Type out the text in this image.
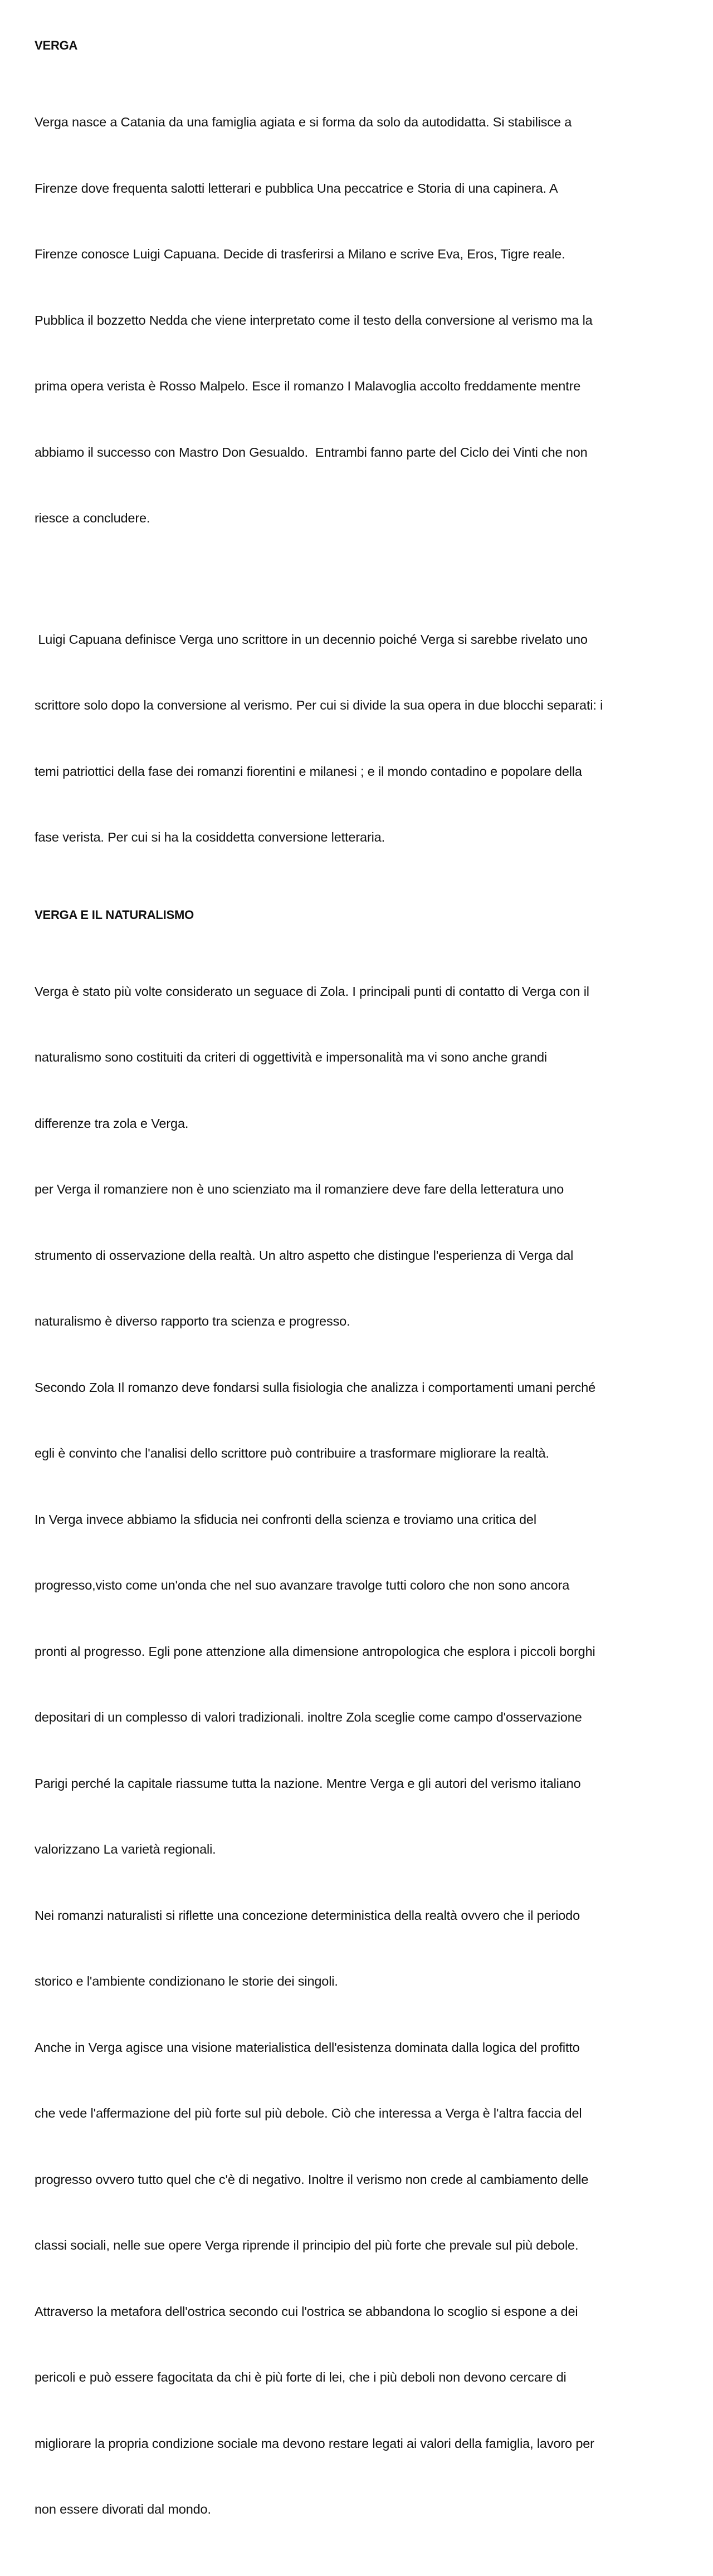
VERGA

Verga nasce a Catania da una famiglia agiata e si forma da solo da autodidatta. Si stabilisce a

Firenze dove frequenta salotti letterari e pubblica Una peccatrice e Storia di una capinera. A

Firenze conosce Luigi Capuana. Decide di trasferirsi a Milano e scrive Eva, Eros, Tigre reale.

Pubblica il bozzetto Nedda che viene interpretato come il testo della conversione al verismo ma la

prima opera verista è Rosso Malpelo. Esce il romanzo I Malavoglia accolto freddamente mentre

abbiamo il successo con Mastro Don Gesualdo.  Entrambi fanno parte del Ciclo dei Vinti che non

riesce a concludere.

Luigi Capuana definisce Verga uno scrittore in un decennio poiché Verga si sarebbe rivelato uno

scrittore solo dopo la conversione al verismo. Per cui si divide la sua opera in due blocchi separati: i

temi patriottici della fase dei romanzi fiorentini e milanesi ; e il mondo contadino e popolare della

fase verista. Per cui si ha la cosiddetta conversione letteraria.

VERGA E IL NATURALISMO

Verga è stato più volte considerato un seguace di Zola. I principali punti di contatto di Verga con il

naturalismo sono costituiti da criteri di oggettività e impersonalità ma vi sono anche grandi

differenze tra zola e Verga.

per Verga il romanziere non è uno scienziato ma il romanziere deve fare della letteratura uno

strumento di osservazione della realtà. Un altro aspetto che distingue l'esperienza di Verga dal

naturalismo è diverso rapporto tra scienza e progresso.

Secondo Zola Il romanzo deve fondarsi sulla fisiologia che analizza i comportamenti umani perché

egli è convinto che l'analisi dello scrittore può contribuire a trasformare migliorare la realtà.

In Verga invece abbiamo la sfiducia nei confronti della scienza e troviamo una critica del

progresso,visto come un'onda che nel suo avanzare travolge tutti coloro che non sono ancora

pronti al progresso. Egli pone attenzione alla dimensione antropologica che esplora i piccoli borghi

depositari di un complesso di valori tradizionali. inoltre Zola sceglie come campo d'osservazione

Parigi perché la capitale riassume tutta la nazione. Mentre Verga e gli autori del verismo italiano

valorizzano La varietà regionali.

Nei romanzi naturalisti si riflette una concezione deterministica della realtà ovvero che il periodo

storico e l'ambiente condizionano le storie dei singoli.

Anche in Verga agisce una visione materialistica dell'esistenza dominata dalla logica del profitto

che vede l'affermazione del più forte sul più debole. Ciò che interessa a Verga è l'altra faccia del

progresso ovvero tutto quel che c'è di negativo. Inoltre il verismo non crede al cambiamento delle

classi sociali, nelle sue opere Verga riprende il principio del più forte che prevale sul più debole.

Attraverso la metafora dell'ostrica secondo cui l'ostrica se abbandona lo scoglio si espone a dei

pericoli e può essere fagocitata da chi è più forte di lei, che i più deboli non devono cercare di

migliorare la propria condizione sociale ma devono restare legati ai valori della famiglia, lavoro per

non essere divorati dal mondo.
